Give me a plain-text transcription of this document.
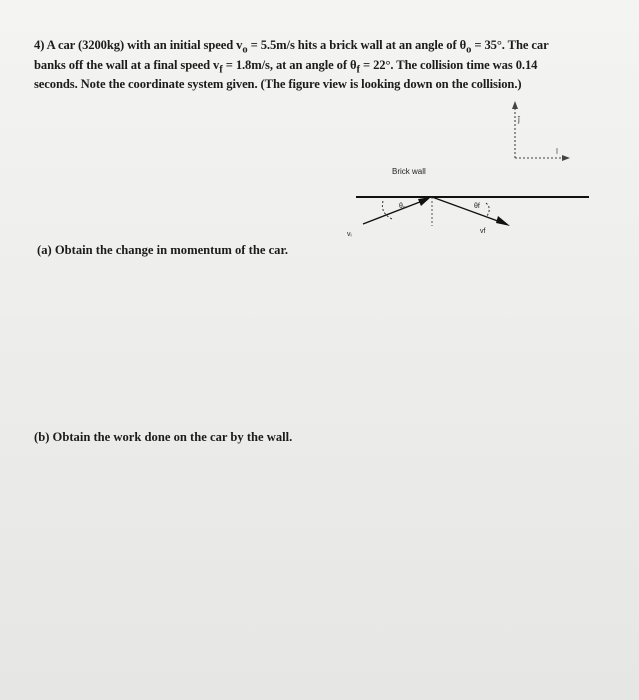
4) A car (3200kg) with an initial speed $v_o = 5.5m/s$ hits a brick wall at an angle of $\theta_o = 35^\circ$. The car
banks off the wall at a final speed $v_f = 1.8m/s$, at an angle of $\theta_f = 22^\circ$. The collision time was 0.14
seconds. Note the coordinate system given. (The figure view is looking down on the collision.)
ĵ
î
Brick wall
vᵢ	vf
θₒ	θf
(a) Obtain the change in momentum of the car.
(b) Obtain the work done on the car by the wall.
